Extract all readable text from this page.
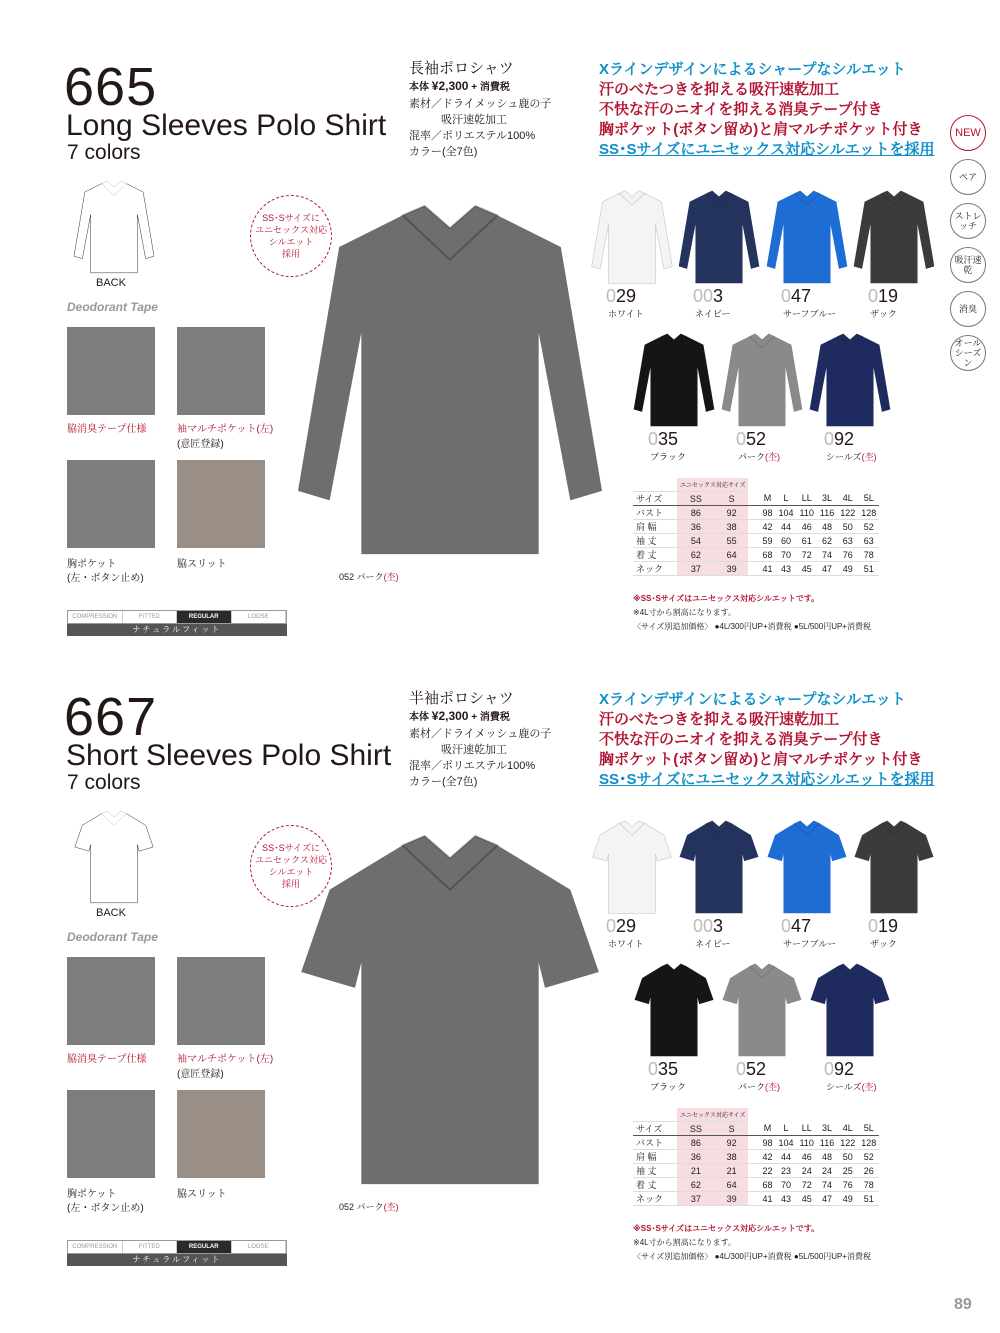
665
Long Sleeves Polo Shirt
7 colors
長袖ポロシャツ
本体 ¥2,300 + 消費税
素材／ドライメッシュ鹿の子
吸汗速乾加工
混率／ポリエステル100%
カラー(全7色)
Xラインデザインによるシャープなシルエット
汗のべたつきを抑える吸汗速乾加工
不快な汗のニオイを抑える消臭テープ付き
胸ポケット(ボタン留め)と肩マルチポケット付き
SS･Sサイズにユニセックス対応シルエットを採用
BACK
Deodorant Tape
脇消臭テープ仕様	袖マルチポケット(左)
(意匠登録)
胸ポケット
(左・ボタン止め)
脇スリット
SS･Sサイズに
ユニセックス対応
シルエット
採用
052 パーク(杢)
029
ホワイト
003
ネイビー
047
サーフブルー
019
ザック
035
ブラック
052
パーク(杢)
092
シールズ(杢)
	ユニセックス対応サイズ							
サイズ	SS	S	M	L	LL	3L	4L	5L
バスト	86	92	98	104	110	116	122	128
肩 幅	36	38	42	44	46	48	50	52
袖 丈	54	55	59	60	61	62	63	63
着 丈	62	64	68	70	72	74	76	78
ネック	37	39	41	43	45	47	49	51
※SS･Sサイズはユニセックス対応シルエットです。
※4L寸から割高になります。
〈サイズ別追加価格〉 ●4L/300円UP+消費税 ●5L/500円UP+消費税
COMPRESSION	FITTED	REGULAR	LOOSE
ナチュラルフィット
667
Short Sleeves Polo Shirt
7 colors
半袖ポロシャツ
本体 ¥2,300 + 消費税
素材／ドライメッシュ鹿の子
吸汗速乾加工
混率／ポリエステル100%
カラー(全7色)
Xラインデザインによるシャープなシルエット
汗のべたつきを抑える吸汗速乾加工
不快な汗のニオイを抑える消臭テープ付き
胸ポケット(ボタン留め)と肩マルチポケット付き
SS･Sサイズにユニセックス対応シルエットを採用
BACK
Deodorant Tape
脇消臭テープ仕様	袖マルチポケット(左)
(意匠登録)
胸ポケット
(左・ボタン止め)
脇スリット
SS･Sサイズに
ユニセックス対応
シルエット
採用
052 パーク(杢)
029
ホワイト
003
ネイビー
047
サーフブルー
019
ザック
035
ブラック
052
パーク(杢)
092
シールズ(杢)
	ユニセックス対応サイズ							
サイズ	SS	S	M	L	LL	3L	4L	5L
バスト	86	92	98	104	110	116	122	128
肩 幅	36	38	42	44	46	48	50	52
袖 丈	21	21	22	23	24	24	25	26
着 丈	62	64	68	70	72	74	76	78
ネック	37	39	41	43	45	47	49	51
※SS･Sサイズはユニセックス対応シルエットです。
※4L寸から割高になります。
〈サイズ別追加価格〉 ●4L/300円UP+消費税 ●5L/500円UP+消費税
COMPRESSION	FITTED	REGULAR	LOOSE
ナチュラルフィット
NEW
ペア
ストレッチ
吸汗速乾
消臭
オールシーズン
89
